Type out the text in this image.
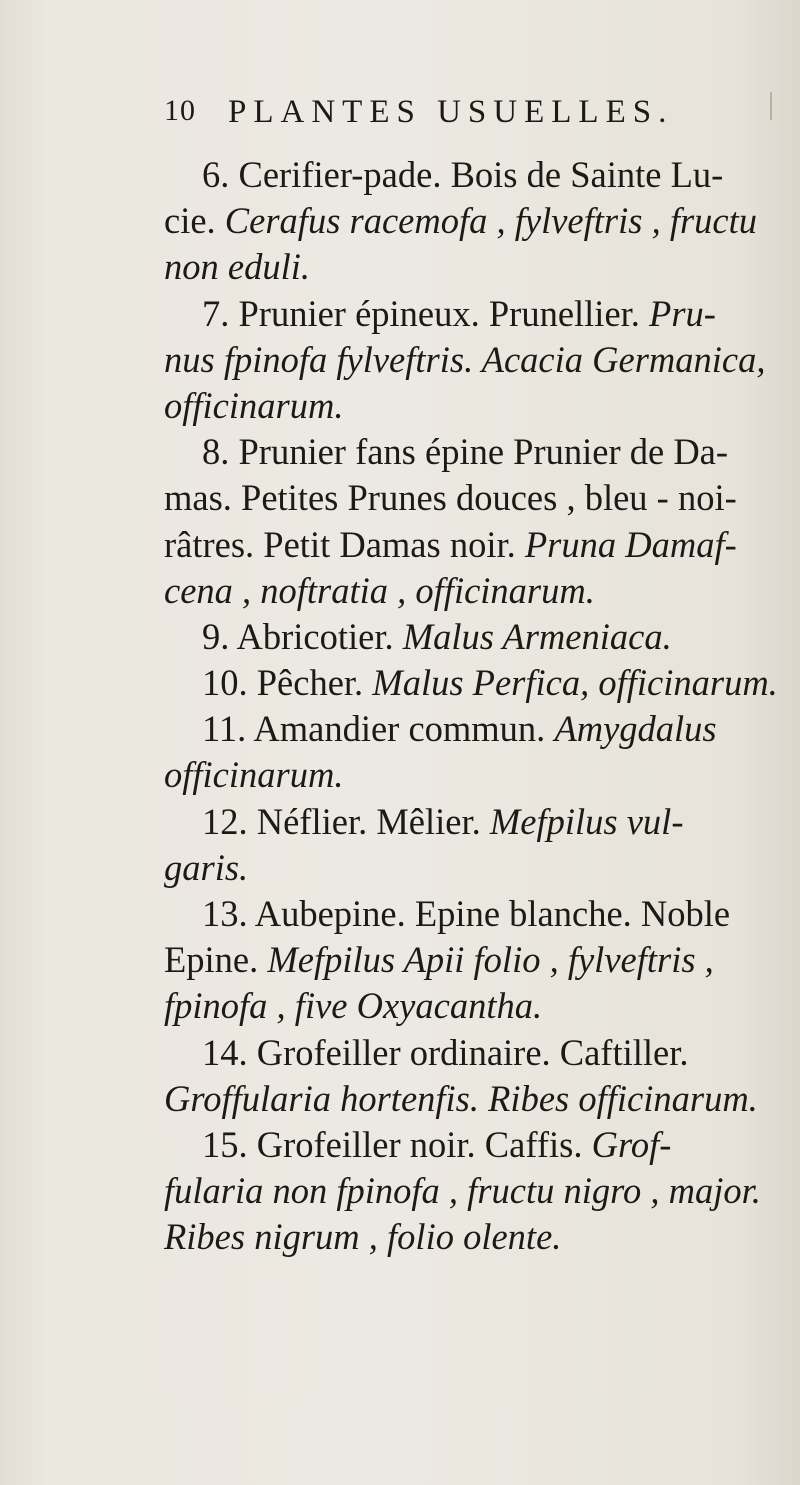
10 PLANTES USUELLES.
6. Cerifier-pade. Bois de Sainte Lu-
cie. Cerafus racemofa , fylveftris , fructu
non eduli.
7. Prunier épineux. Prunellier. Pru-
nus fpinofa fylveftris. Acacia Germanica,
officinarum.
8. Prunier fans épine Prunier de Da-
mas. Petites Prunes douces , bleu - noi-
râtres. Petit Damas noir. Pruna Damaf-
cena , noftratia , officinarum.
9. Abricotier. Malus Armeniaca.
10. Pêcher. Malus Perfica, officinarum.
11. Amandier commun. Amygdalus
officinarum.
12. Néflier. Mêlier. Mefpilus vul-
garis.
13. Aubepine. Epine blanche. Noble
Epine. Mefpilus Apii folio , fylveftris ,
fpinofa , five Oxyacantha.
14. Grofeiller ordinaire. Caftiller.
Groffularia hortenfis. Ribes officinarum.
15. Grofeiller noir. Caffis. Grof-
fularia non fpinofa , fructu nigro , major.
Ribes nigrum , folio olente.
